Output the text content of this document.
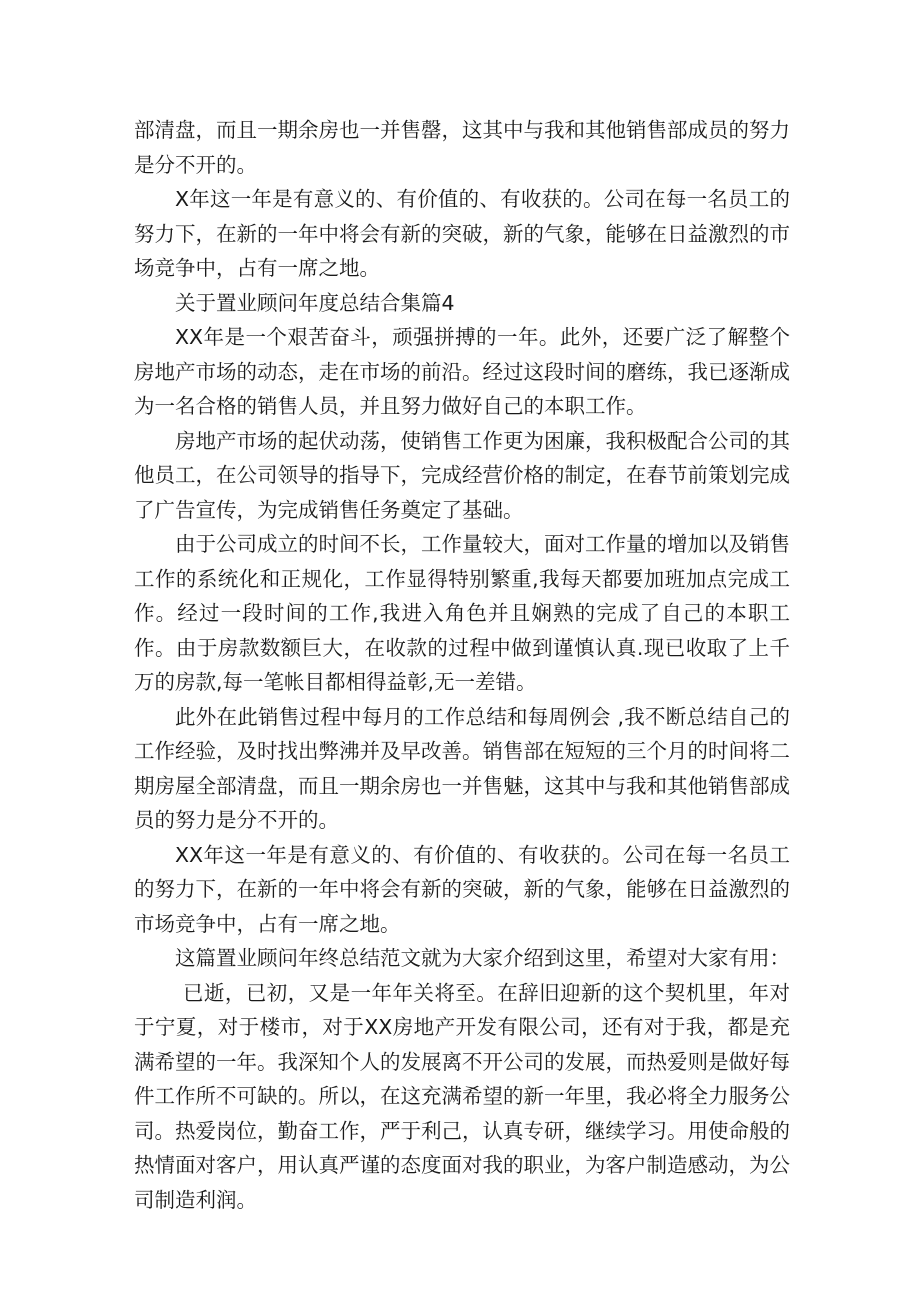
部清盘，而且一期余房也一并售罄，这其中与我和其他销售部成员的努力是分不开的。

X年这一年是有意义的、有价值的、有收获的。公司在每一名员工的努力下，在新的一年中将会有新的突破，新的气象，能够在日益激烈的市场竞争中，占有一席之地。

关于置业顾问年度总结合集篇4

XX年是一个艰苦奋斗，顽强拼搏的一年。此外，还要广泛了解整个房地产市场的动态，走在市场的前沿。经过这段时间的磨练，我已逐渐成为一名合格的销售人员，并且努力做好自己的本职工作。

房地产市场的起伏动荡，使销售工作更为困廉，我积极配合公司的其他员工，在公司领导的指导下，完成经营价格的制定，在春节前策划完成了广告宣传，为完成销售任务奠定了基础。

由于公司成立的时间不长，工作量较大，面对工作量的增加以及销售工作的系统化和正规化，工作显得特别繁重,我每天都要加班加点完成工作。经过一段时间的工作,我进入角色并且娴熟的完成了自己的本职工作。由于房款数额巨大，在收款的过程中做到谨慎认真.现已收取了上千万的房款,每一笔帐目都相得益彰,无一差错。

此外在此销售过程中每月的工作总结和每周例会 ,我不断总结自己的工作经验，及时找出弊沸并及早改善。销售部在短短的三个月的时间将二期房屋全部清盘，而且一期余房也一并售魅，这其中与我和其他销售部成员的努力是分不开的。

XX年这一年是有意义的、有价值的、有收获的。公司在每一名员工的努力下，在新的一年中将会有新的突破，新的气象，能够在日益激烈的市场竞争中，占有一席之地。

这篇置业顾问年终总结范文就为大家介绍到这里，希望对大家有用：

已逝，已初，又是一年年关将至。在辞旧迎新的这个契机里，年对于宁夏，对于楼市，对于XX房地产开发有限公司，还有对于我，都是充满希望的一年。我深知个人的发展离不开公司的发展，而热爱则是做好每件工作所不可缺的。所以，在这充满希望的新一年里，我必将全力服务公司。热爱岗位，勤奋工作，严于利己，认真专研，继续学习。用使命般的热情面对客户，用认真严谨的态度面对我的职业，为客户制造感动，为公司制造利润。
